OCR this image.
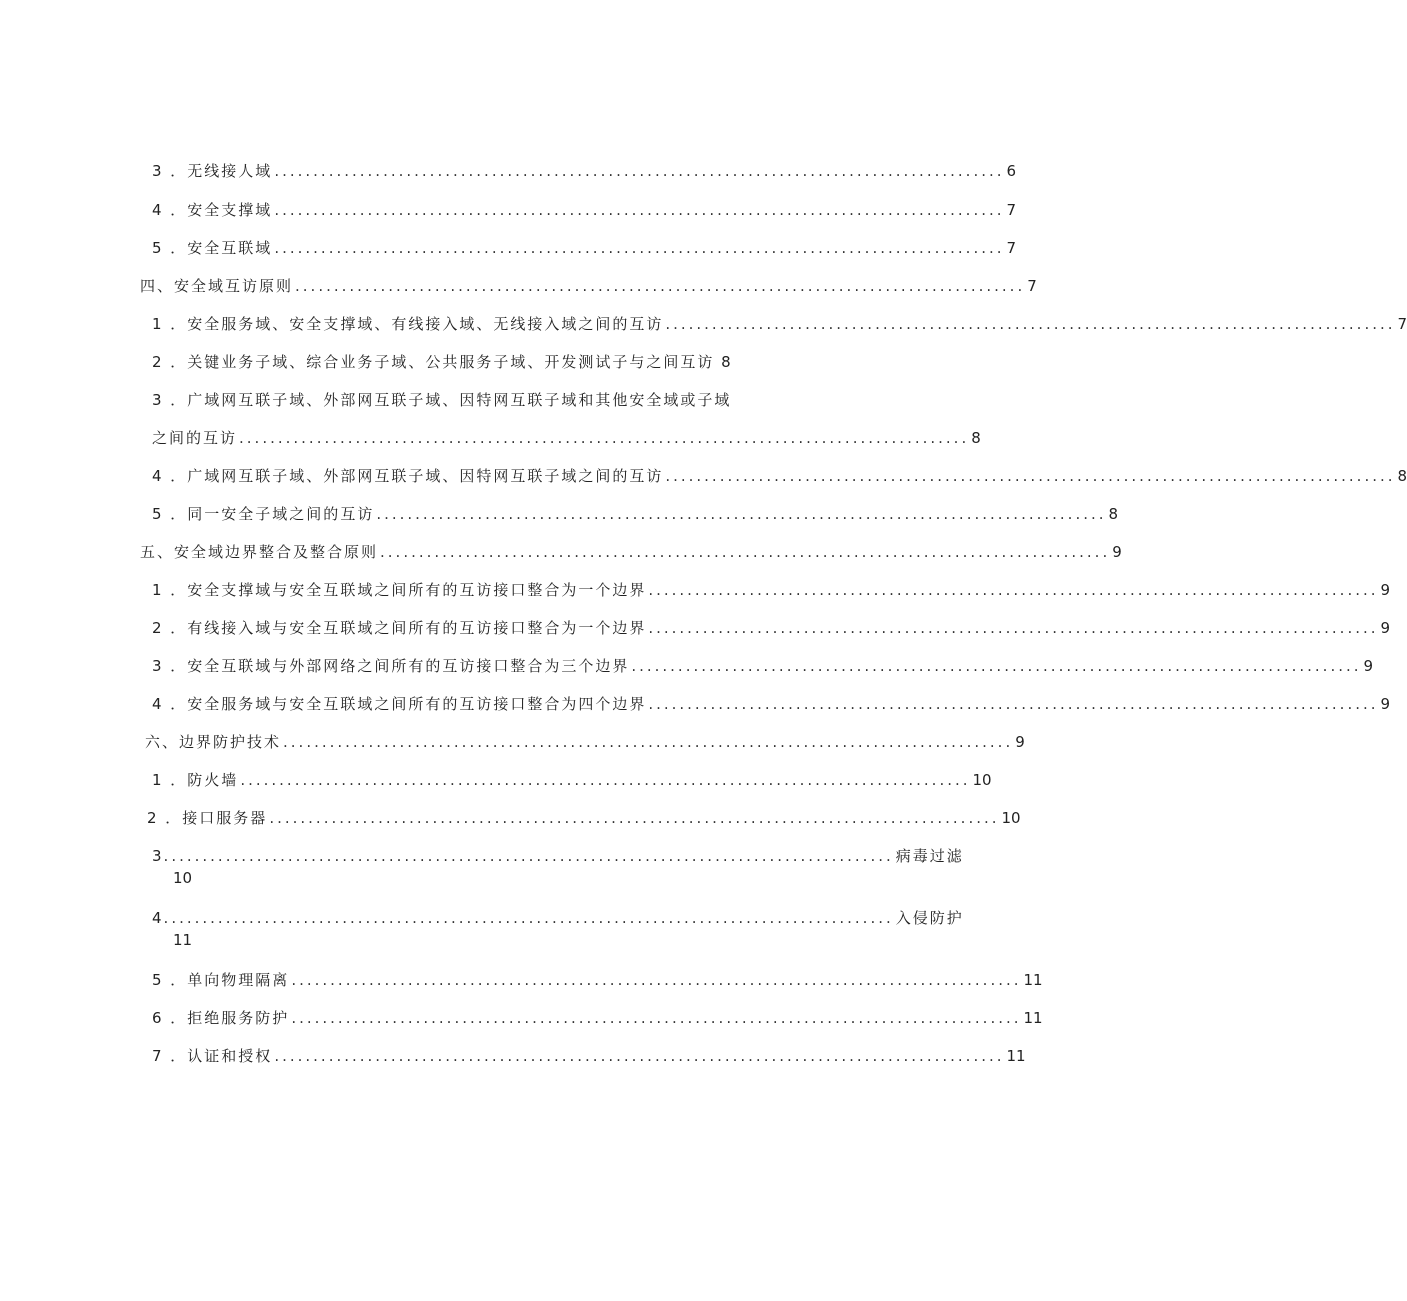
3 ．无线接人域 .............................................................................................. 6
4 ．安全支撑域 .............................................................................................. 7
5 ．安全互联域 .............................................................................................. 7
四、安全域互访原则 .............................................................................................. 7
1 ．安全服务域、安全支撑域、有线接入域、无线接入域之间的互访 .............................................................................................. 7
2 ．关键业务子域、综合业务子域、公共服务子域、开发测试子与之间互访 8
3 ．广域网互联子域、外部网互联子域、因特网互联子域和其他安全域或子域
之间的互访 .............................................................................................. 8
4 ．广域网互联子域、外部网互联子域、因特网互联子域之间的互访 .............................................................................................. 8
5 ．同一安全子域之间的互访 .............................................................................................. 8
五、安全域边界整合及整合原则 .............................................................................................. 9
1 ．安全支撑域与安全互联域之间所有的互访接口整合为一个边界 .............................................................................................. 9
2 ．有线接入域与安全互联域之间所有的互访接口整合为一个边界 .............................................................................................. 9
3 ．安全互联域与外部网络之间所有的互访接口整合为三个边界 .............................................................................................. 9
4 ．安全服务域与安全互联域之间所有的互访接口整合为四个边界 .............................................................................................. 9
六、边界防护技术 .............................................................................................. 9
1 ．防火墙 .............................................................................................. 10
2 ．接口服务器 .............................................................................................. 10
3 .............................................................................................. 病毒过滤
10
4 .............................................................................................. 入侵防护
11
5 ．单向物理隔离 .............................................................................................. 11
6 ．拒绝服务防护 .............................................................................................. 11
7 ．认证和授权 .............................................................................................. 11
